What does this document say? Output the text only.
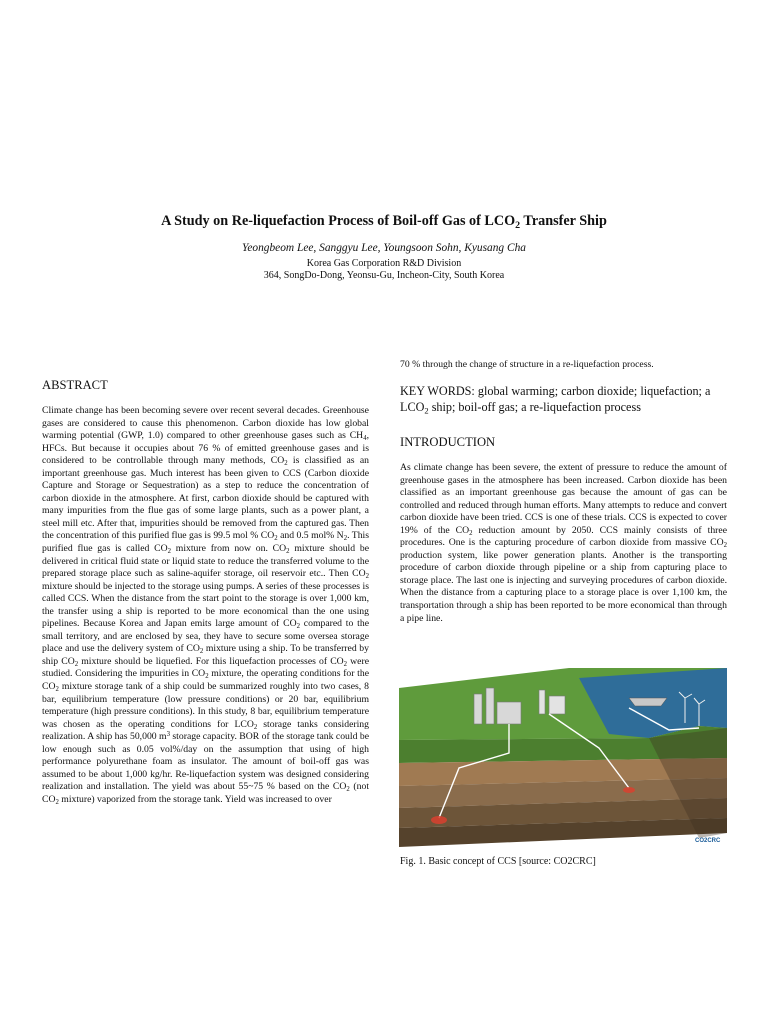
A Study on Re-liquefaction Process of Boil-off Gas of $LCO_2$ Transfer Ship
Yeongbeom Lee, Sanggyu Lee, Youngsoon Sohn, Kyusang Cha
Korea Gas Corporation R&D Division
364, SongDo-Dong, Yeonsu-Gu, Incheon-City, South Korea
ABSTRACT

Climate change has been becoming severe over recent several decades. Greenhouse gases are considered to cause this phenomenon. Carbon dioxide has low global warming potential (GWP, 1.0) compared to other greenhouse gases such as $CH_4$, HFCs. But because it occupies about 76 % of emitted greenhouse gases and is considered to be controllable through many methods, $CO_2$ is classified as an important greenhouse gas. Much interest has been given to CCS (Carbon dioxide Capture and Storage or Sequestration) as a step to reduce the concentration of carbon dioxide in the atmosphere. At first, carbon dioxide should be captured with many impurities from the flue gas of some large plants, such as a power plant, a steel mill etc. After that, impurities should be removed from the captured gas. Then the concentration of this purified flue gas is 99.5 mol % $CO_2$ and 0.5 mol% $N_2$. This purified flue gas is called $CO_2$ mixture from now on. $CO_2$ mixture should be delivered in critical fluid state or liquid state to reduce the transferred volume to the prepared storage place such as saline-aquifer storage, oil reservoir etc.. Then $CO_2$ mixture should be injected to the storage using pumps. A series of these processes is called CCS. When the distance from the start point to the storage is over 1,000 km, the transfer using a ship is reported to be more economical than the one using pipelines. Because Korea and Japan emits large amount of $CO_2$ compared to the small territory, and are enclosed by sea, they have to secure some oversea storage place and use the delivery system of $CO_2$ mixture using a ship. To be transferred by ship $CO_2$ mixture should be liquefied. For this liquefaction processes of $CO_2$ were studied. Considering the impurities in $CO_2$ mixture, the operating conditions for the $CO_2$ mixture storage tank of a ship could be summarized roughly into two cases, 8 bar, equilibrium temperature (low pressure conditions) or 20 bar, equilibrium temperature (high pressure conditions). In this study, 8 bar, equilibrium temperature was chosen as the operating conditions for $LCO_2$ storage tanks considering realization. A ship has 50,000 $m^3$ storage capacity. BOR of the storage tank could be low enough such as 0.05 vol%/day on the assumption that using of high performance polyurethane foam as insulator. The amount of boil-off gas was assumed to be about 1,000 kg/hr. Re-liquefaction system was designed considering realization and installation. The yield was about 55~75 % based on the $CO_2$ (not $CO_2$ mixture) vaporized from the storage tank. Yield was increased to over

70 % through the change of structure in a re-liquefaction process.
KEY WORDS: global warming; carbon dioxide; liquefaction; a $LCO_2$ ship; boil-off gas; a re-liquefaction process
INTRODUCTION

As climate change has been severe, the extent of pressure to reduce the amount of greenhouse gases in the atmosphere has been increased. Carbon dioxide has been classified as an important greenhouse gas because the amount of gas can be controlled and reduced through human efforts. Many attempts to reduce and convert carbon dioxide have been tried. CCS is one of these trials. CCS is expected to cover 19% of the $CO_2$ reduction amount by 2050. CCS mainly consists of three procedures. One is the capturing procedure of carbon dioxide from massive $CO_2$ production system, like power generation plants. Another is the transporting procedure of carbon dioxide through pipeline or a ship from capturing place to storage place. The last one is injecting and surveying procedures of carbon dioxide. When the distance from a capturing place to a storage place is over 1,100 km, the transportation through a ship has been reported to be more economical than through a pipe line.

CO2CRC
Fig. 1. Basic concept of CCS [source: CO2CRC]
